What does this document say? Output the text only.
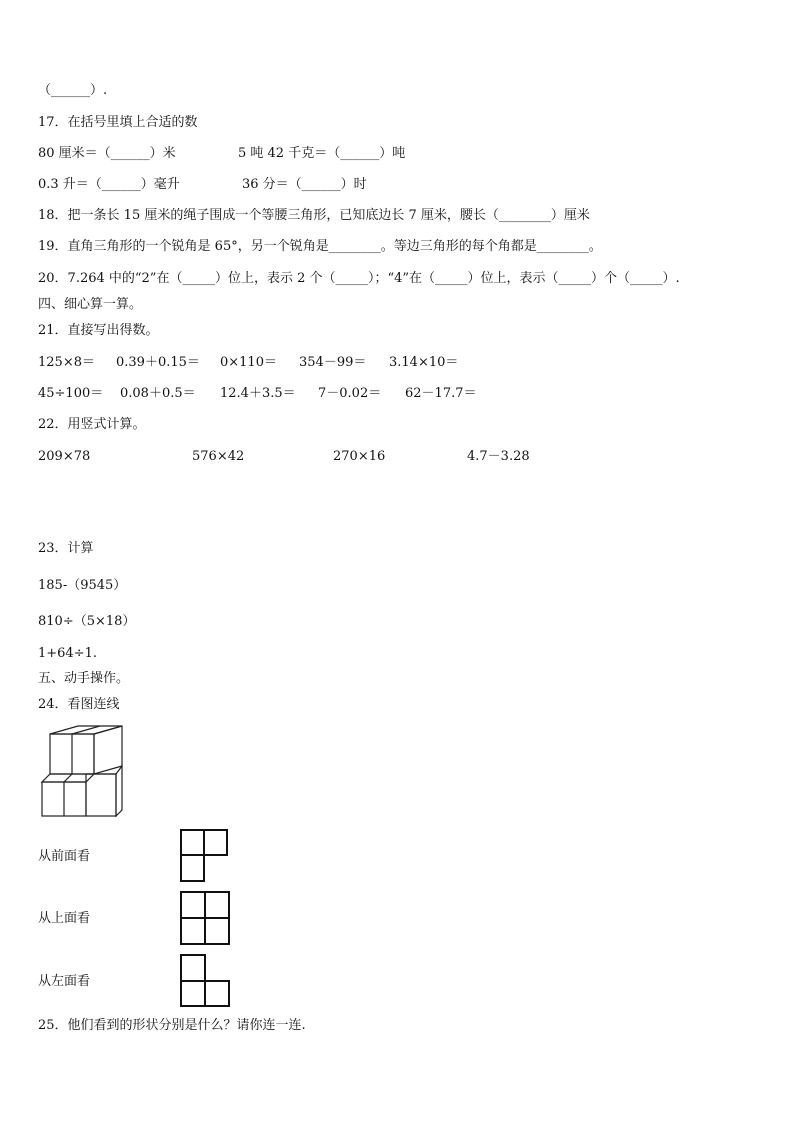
（______）.
17．在括号里填上合适的数
80 厘米＝（______）米	5 吨 42 千克＝（______）吨
0.3 升＝（______）毫升	36 分＝（______）时
18．把一条长 15 厘米的绳子围成一个等腰三角形，已知底边长 7 厘米，腰长（________）厘米
19．直角三角形的一个锐角是 65°，另一个锐角是________。等边三角形的每个角都是________。
20．7.264 中的“2”在（_____）位上，表示 2 个（_____）；“4”在（_____）位上，表示（_____）个（_____）.
四、细心算一算。
21．直接写出得数。
125×8＝ 0.39＋0.15＝ 0×110＝ 354－99＝ 3.14×10＝
45÷100＝ 0.08＋0.5＝ 12.4＋3.5＝ 7－0.02＝ 62－17.7＝
22．用竖式计算。
209×78	576×42	270×16	4.7－3.28
23．计算
185-（9545）
810÷（5×18）
1+64÷1.
五、动手操作。
24．看图连线
从前面看
从上面看
从左面看
25．他们看到的形状分别是什么？请你连一连.
